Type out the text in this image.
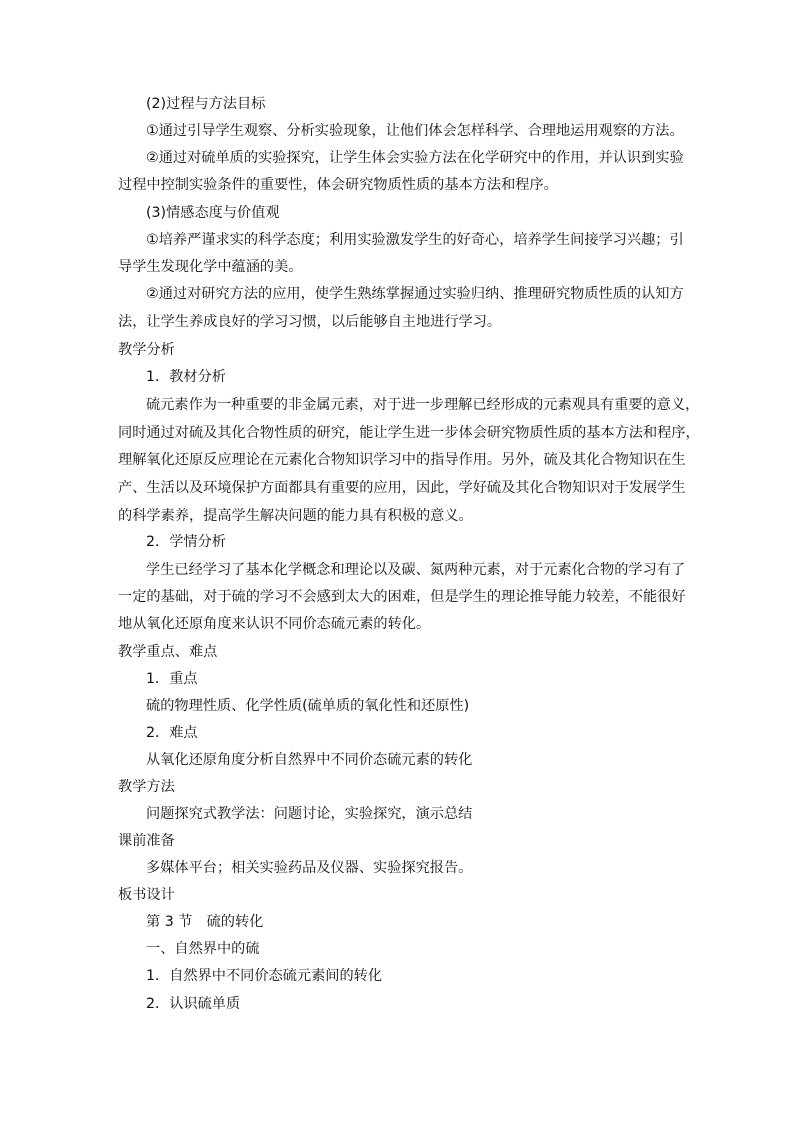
(2)过程与方法目标

①通过引导学生观察、分析实验现象，让他们体会怎样科学、合理地运用观察的方法。

②通过对硫单质的实验探究，让学生体会实验方法在化学研究中的作用，并认识到实验

过程中控制实验条件的重要性，体会研究物质性质的基本方法和程序。

(3)情感态度与价值观

①培养严谨求实的科学态度；利用实验激发学生的好奇心，培养学生间接学习兴趣；引

导学生发现化学中蕴涵的美。

②通过对研究方法的应用，使学生熟练掌握通过实验归纳、推理研究物质性质的认知方

法，让学生养成良好的学习习惯，以后能够自主地进行学习。

教学分析

1．教材分析

硫元素作为一种重要的非金属元素，对于进一步理解已经形成的元素观具有重要的意义，

同时通过对硫及其化合物性质的研究，能让学生进一步体会研究物质性质的基本方法和程序，

理解氧化还原反应理论在元素化合物知识学习中的指导作用。另外，硫及其化合物知识在生

产、生活以及环境保护方面都具有重要的应用，因此，学好硫及其化合物知识对于发展学生

的科学素养，提高学生解决问题的能力具有积极的意义。

2．学情分析

学生已经学习了基本化学概念和理论以及碳、氮两种元素，对于元素化合物的学习有了

一定的基础，对于硫的学习不会感到太大的困难，但是学生的理论推导能力较差，不能很好

地从氧化还原角度来认识不同价态硫元素的转化。

教学重点、难点

1．重点

硫的物理性质、化学性质(硫单质的氧化性和还原性)

2．难点

从氧化还原角度分析自然界中不同价态硫元素的转化

教学方法

问题探究式教学法：问题讨论，实验探究，演示总结

课前准备

多媒体平台；相关实验药品及仪器、实验探究报告。

板书设计

第 3 节　硫的转化

一、自然界中的硫

1．自然界中不同价态硫元素间的转化

2．认识硫单质
